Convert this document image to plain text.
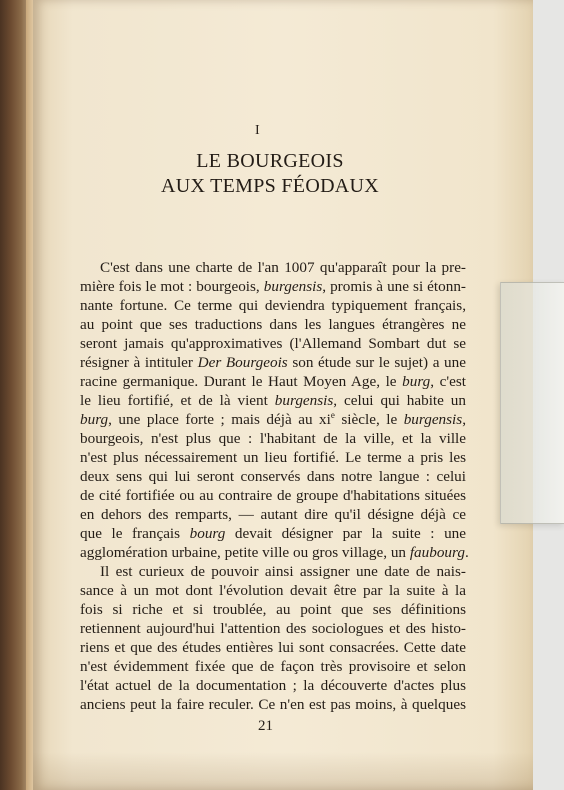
I
LE BOURGEOIS
AUX TEMPS FÉODAUX
C'est dans une charte de l'an 1007 qu'apparaît pour la pre-
mière fois le mot : bourgeois, burgensis, promis à une si étonn-
nante fortune. Ce terme qui deviendra typiquement français,
au point que ses traductions dans les langues étrangères ne
seront jamais qu'approximatives (l'Allemand Sombart dut se
résigner à intituler Der Bourgeois son étude sur le sujet) a une
racine germanique. Durant le Haut Moyen Age, le burg, c'est
le lieu fortifié, et de là vient burgensis, celui qui habite un
burg, une place forte ; mais déjà au $xi^e$ siècle, le burgensis,
bourgeois, n'est plus que : l'habitant de la ville, et la ville
n'est plus nécessairement un lieu fortifié. Le terme a pris les
deux sens qui lui seront conservés dans notre langue : celui
de cité fortifiée ou au contraire de groupe d'habitations situées
en dehors des remparts, — autant dire qu'il désigne déjà ce
que le français bourg devait désigner par la suite : une
agglomération urbaine, petite ville ou gros village, un faubourg.
Il est curieux de pouvoir ainsi assigner une date de nais-
sance à un mot dont l'évolution devait être par la suite à la
fois si riche et si troublée, au point que ses définitions
retiennent aujourd'hui l'attention des sociologues et des histo-
riens et que des études entières lui sont consacrées. Cette date
n'est évidemment fixée que de façon très provisoire et selon
l'état actuel de la documentation ; la découverte d'actes plus
anciens peut la faire reculer. Ce n'en est pas moins, à quelques
21
